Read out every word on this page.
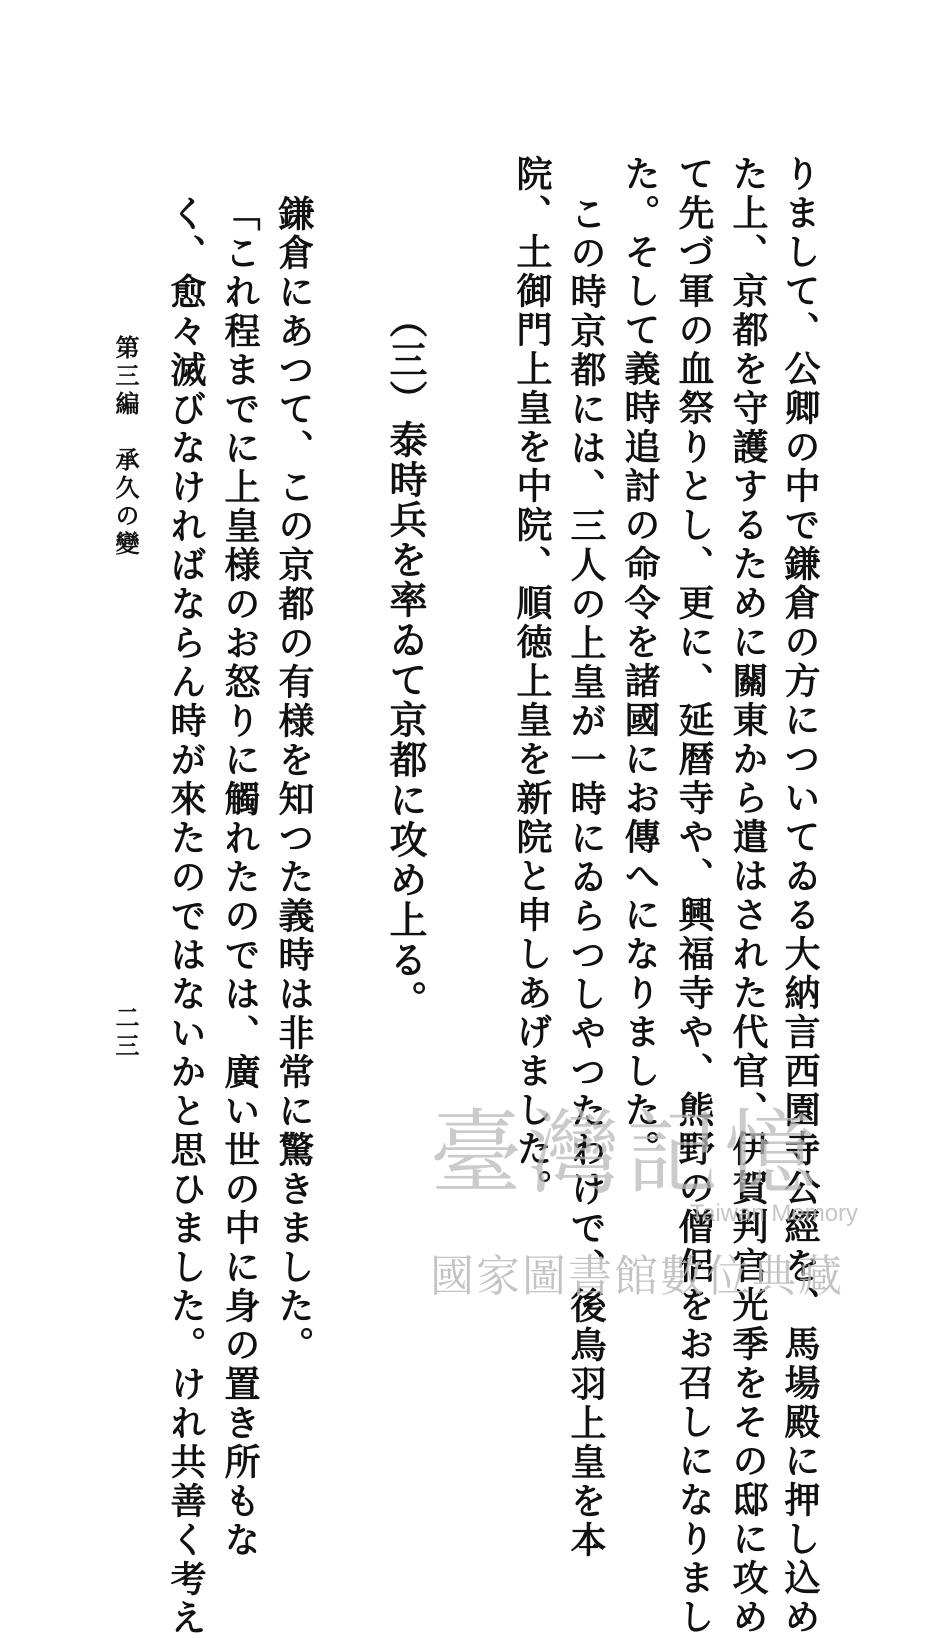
りまして、公卿の中で鎌倉の方についてゐる大納言西園寺公經を、馬場殿に押し込め
た上、京都を守護するために關東から遣はされた代官、伊賀判官光季をその邸に攻め
て先づ軍の血祭りとし、更に、延暦寺や、興福寺や、熊野の僧侶をお召しになりまし
た。そして義時追討の命令を諸國にお傳へになりました。
この時京都には、三人の上皇が一時にゐらつしやつたわけで、後鳥羽上皇を本
院、土御門上皇を中院、順徳上皇を新院と申しあげました。
（三）泰時兵を率ゐて京都に攻め上る。
鎌倉にあつて、この京都の有様を知つた義時は非常に驚きました。
「これ程までに上皇様のお怒りに觸れたのでは、廣い世の中に身の置き所もな
く、愈々滅びなければならん時が來たのではないかと思ひました。けれ共善く考え
第三編　承久の變
二三
臺灣記憶
Taiwan Memory
國家圖書館數位典藏
